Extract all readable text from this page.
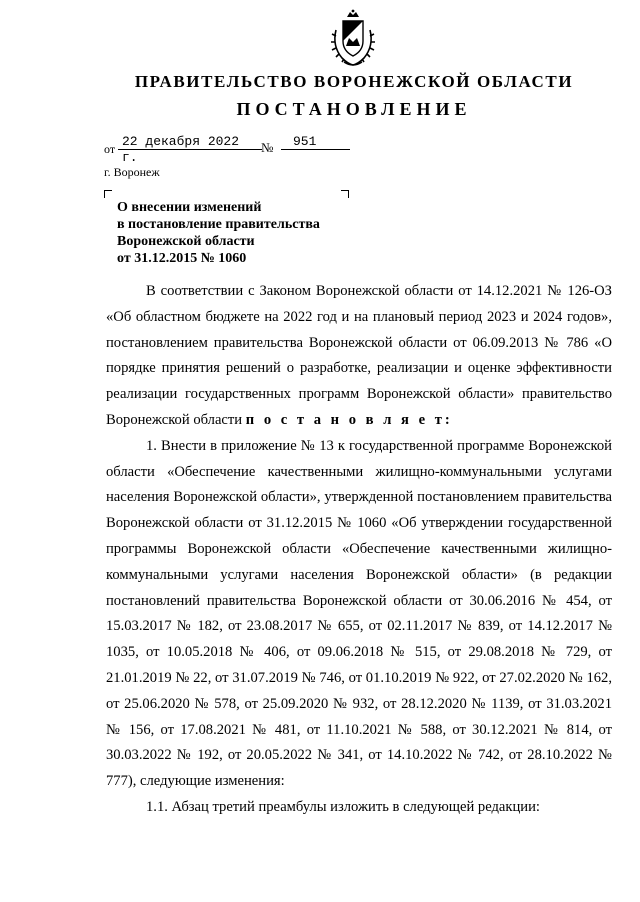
ПРАВИТЕЛЬСТВО ВОРОНЕЖСКОЙ ОБЛАСТИ
ПОСТАНОВЛЕНИЕ
от 22 декабря 2022 г.
№	951
г. Воронеж
О внесении изменений
в постановление правительства
Воронежской области
от 31.12.2015 № 1060

В соответствии с Законом Воронежской области от 14.12.2021 № 126-ОЗ «Об областном бюджете на 2022 год и на плановый период 2023 и 2024 годов», постановлением правительства Воронежской области от 06.09.2013 № 786 «О порядке принятия решений о разработке, реализации и оценке эффективности реализации государственных программ Воронежской области» правительство Воронежской области п о с т а н о в л я е т:

1. Внести в приложение № 13 к государственной программе Воронежской области «Обеспечение качественными жилищно-коммунальными услугами населения Воронежской области», утвержденной постановлением правительства Воронежской области от 31.12.2015 № 1060 «Об утверждении государственной программы Воронежской области «Обеспечение качественными жилищно-коммунальными услугами населения Воронежской области» (в редакции постановлений правительства Воронежской области от 30.06.2016 № 454, от 15.03.2017 № 182, от 23.08.2017 № 655, от 02.11.2017 № 839, от 14.12.2017 № 1035, от 10.05.2018 № 406, от 09.06.2018 № 515, от 29.08.2018 № 729, от 21.01.2019 № 22, от 31.07.2019 № 746, от 01.10.2019 № 922, от 27.02.2020 № 162, от 25.06.2020 № 578, от 25.09.2020 № 932, от 28.12.2020 № 1139, от 31.03.2021 № 156, от 17.08.2021 № 481, от 11.10.2021 № 588, от 30.12.2021 № 814, от 30.03.2022 № 192, от 20.05.2022 № 341, от 14.10.2022 № 742, от 28.10.2022 № 777), следующие изменения:

1.1. Абзац третий преамбулы изложить в следующей редакции:
